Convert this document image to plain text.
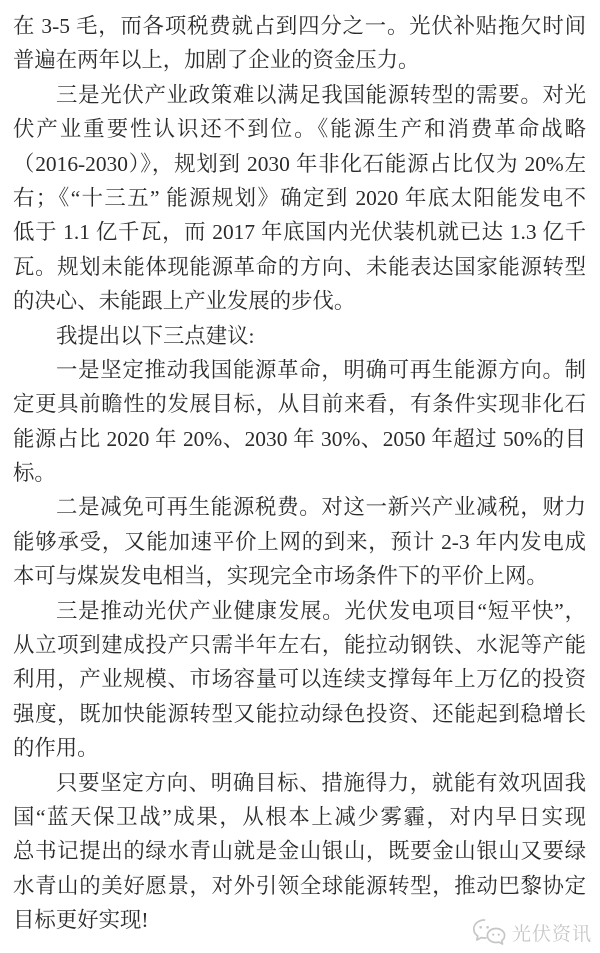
在 3-5 毛，而各项税费就占到四分之一。光伏补贴拖欠时间
普遍在两年以上，加剧了企业的资金压力。
三是光伏产业政策难以满足我国能源转型的需要。对光
伏产业重要性认识还不到位。《能源生产和消费革命战略
（2016-2030）》，规划到 2030 年非化石能源占比仅为 20%左
右；《“十三五” 能源规划》确定到 2020 年底太阳能发电不
低于 1.1 亿千瓦，而 2017 年底国内光伏装机就已达 1.3 亿千
瓦。规划未能体现能源革命的方向、未能表达国家能源转型
的决心、未能跟上产业发展的步伐。
我提出以下三点建议:
一是坚定推动我国能源革命，明确可再生能源方向。制
定更具前瞻性的发展目标，从目前来看，有条件实现非化石
能源占比 2020 年 20%、2030 年 30%、2050 年超过 50%的目
标。
二是减免可再生能源税费。对这一新兴产业减税，财力
能够承受，又能加速平价上网的到来，预计 2-3 年内发电成
本可与煤炭发电相当，实现完全市场条件下的平价上网。
三是推动光伏产业健康发展。光伏发电项目“短平快”，
从立项到建成投产只需半年左右，能拉动钢铁、水泥等产能
利用，产业规模、市场容量可以连续支撑每年上万亿的投资
强度，既加快能源转型又能拉动绿色投资、还能起到稳增长
的作用。
只要坚定方向、明确目标、措施得力，就能有效巩固我
国“蓝天保卫战”成果，从根本上减少雾霾，对内早日实现
总书记提出的绿水青山就是金山银山，既要金山银山又要绿
水青山的美好愿景，对外引领全球能源转型，推动巴黎协定
目标更好实现!
光伏资讯
